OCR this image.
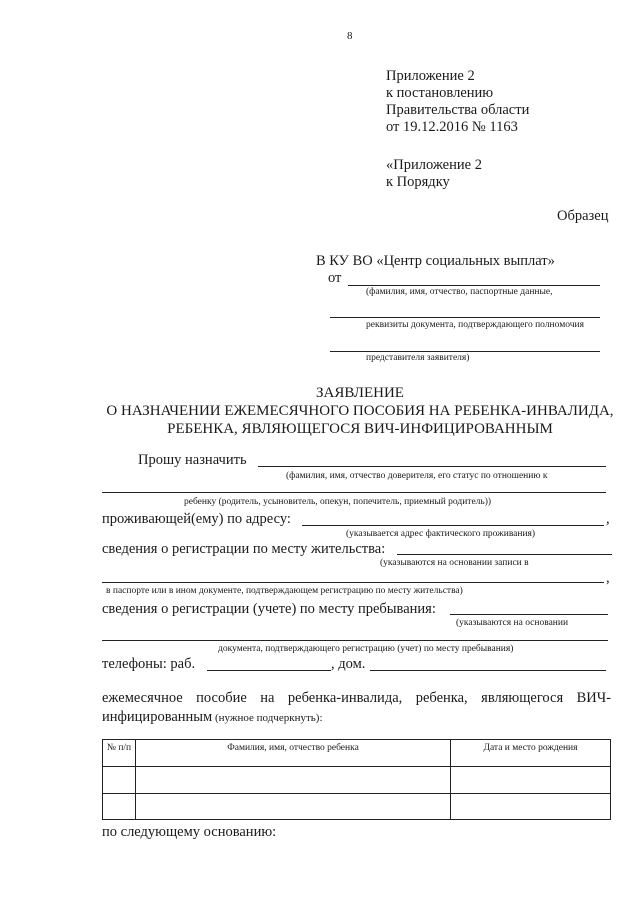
8
Приложение 2
к постановлению
Правительства области
от 19.12.2016 № 1163
«Приложение 2
к Порядку
Образец
В КУ ВО «Центр социальных выплат»
от
(фамилия, имя, отчество, паспортные данные,
реквизиты документа, подтверждающего полномочия
представителя заявителя)
ЗАЯВЛЕНИЕ
О НАЗНАЧЕНИИ ЕЖЕМЕСЯЧНОГО ПОСОБИЯ НА РЕБЕНКА-ИНВАЛИДА,
РЕБЕНКА, ЯВЛЯЮЩЕГОСЯ ВИЧ-ИНФИЦИРОВАННЫМ
Прошу назначить
(фамилия, имя, отчество доверителя, его статус по отношению к
ребенку (родитель, усыновитель, опекун, попечитель, приемный родитель))
проживающей(ему) по адресу:	,
(указывается адрес фактического проживания)
сведения о регистрации по месту жительства:
(указываются на основании записи в
,
в паспорте или в ином документе, подтверждающем регистрацию по месту жительства)
сведения о регистрации (учете) по месту пребывания:
(указываются на основании
документа, подтверждающего регистрацию (учет) по месту пребывания)
телефоны: раб.	, дом.
ежемесячное пособие на ребенка-инвалида, ребенка, являющегося ВИЧ-
инфицированным (нужное подчеркнуть):
№ п/п	Фамилия, имя, отчество ребенка	Дата и место рождения

по следующему основанию:
